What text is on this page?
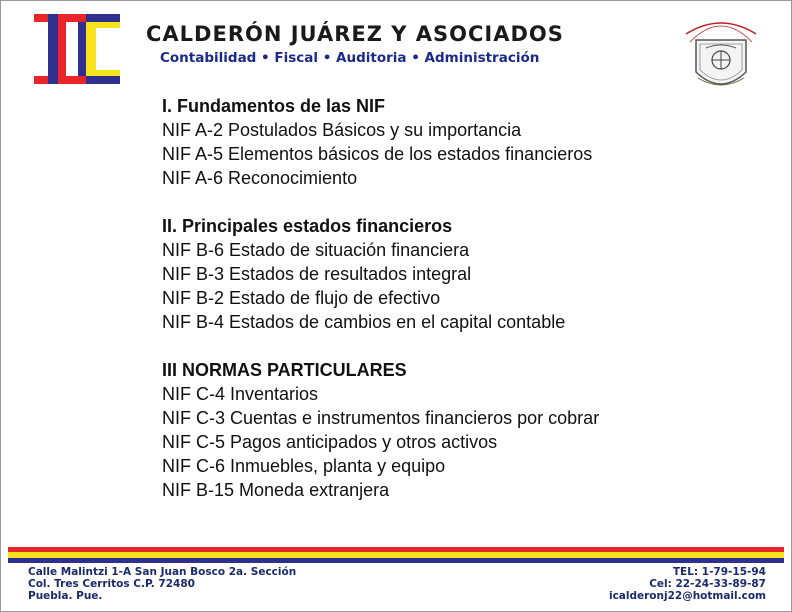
CALDERÓN JUÁREZ Y ASOCIADOS
Contabilidad • Fiscal • Auditoria • Administración
I. Fundamentos de las NIF
NIF A-2 Postulados Básicos y su importancia
NIF A-5 Elementos básicos de los estados financieros
NIF A-6 Reconocimiento
II. Principales estados financieros
NIF B-6 Estado de situación financiera
NIF B-3 Estados de resultados integral
NIF B-2 Estado de flujo de efectivo
NIF B-4 Estados de cambios en el capital contable
III NORMAS PARTICULARES
NIF C-4 Inventarios
NIF C-3 Cuentas e instrumentos financieros por cobrar
NIF C-5 Pagos anticipados y otros activos
NIF C-6 Inmuebles, planta y equipo
NIF B-15 Moneda extranjera
Calle Malintzi 1-A San Juan Bosco 2a. Sección
Col. Tres Cerritos C.P. 72480
Puebla. Pue.
TEL: 1-79-15-94
Cel: 22-24-33-89-87
icalderonj22@hotmail.com
